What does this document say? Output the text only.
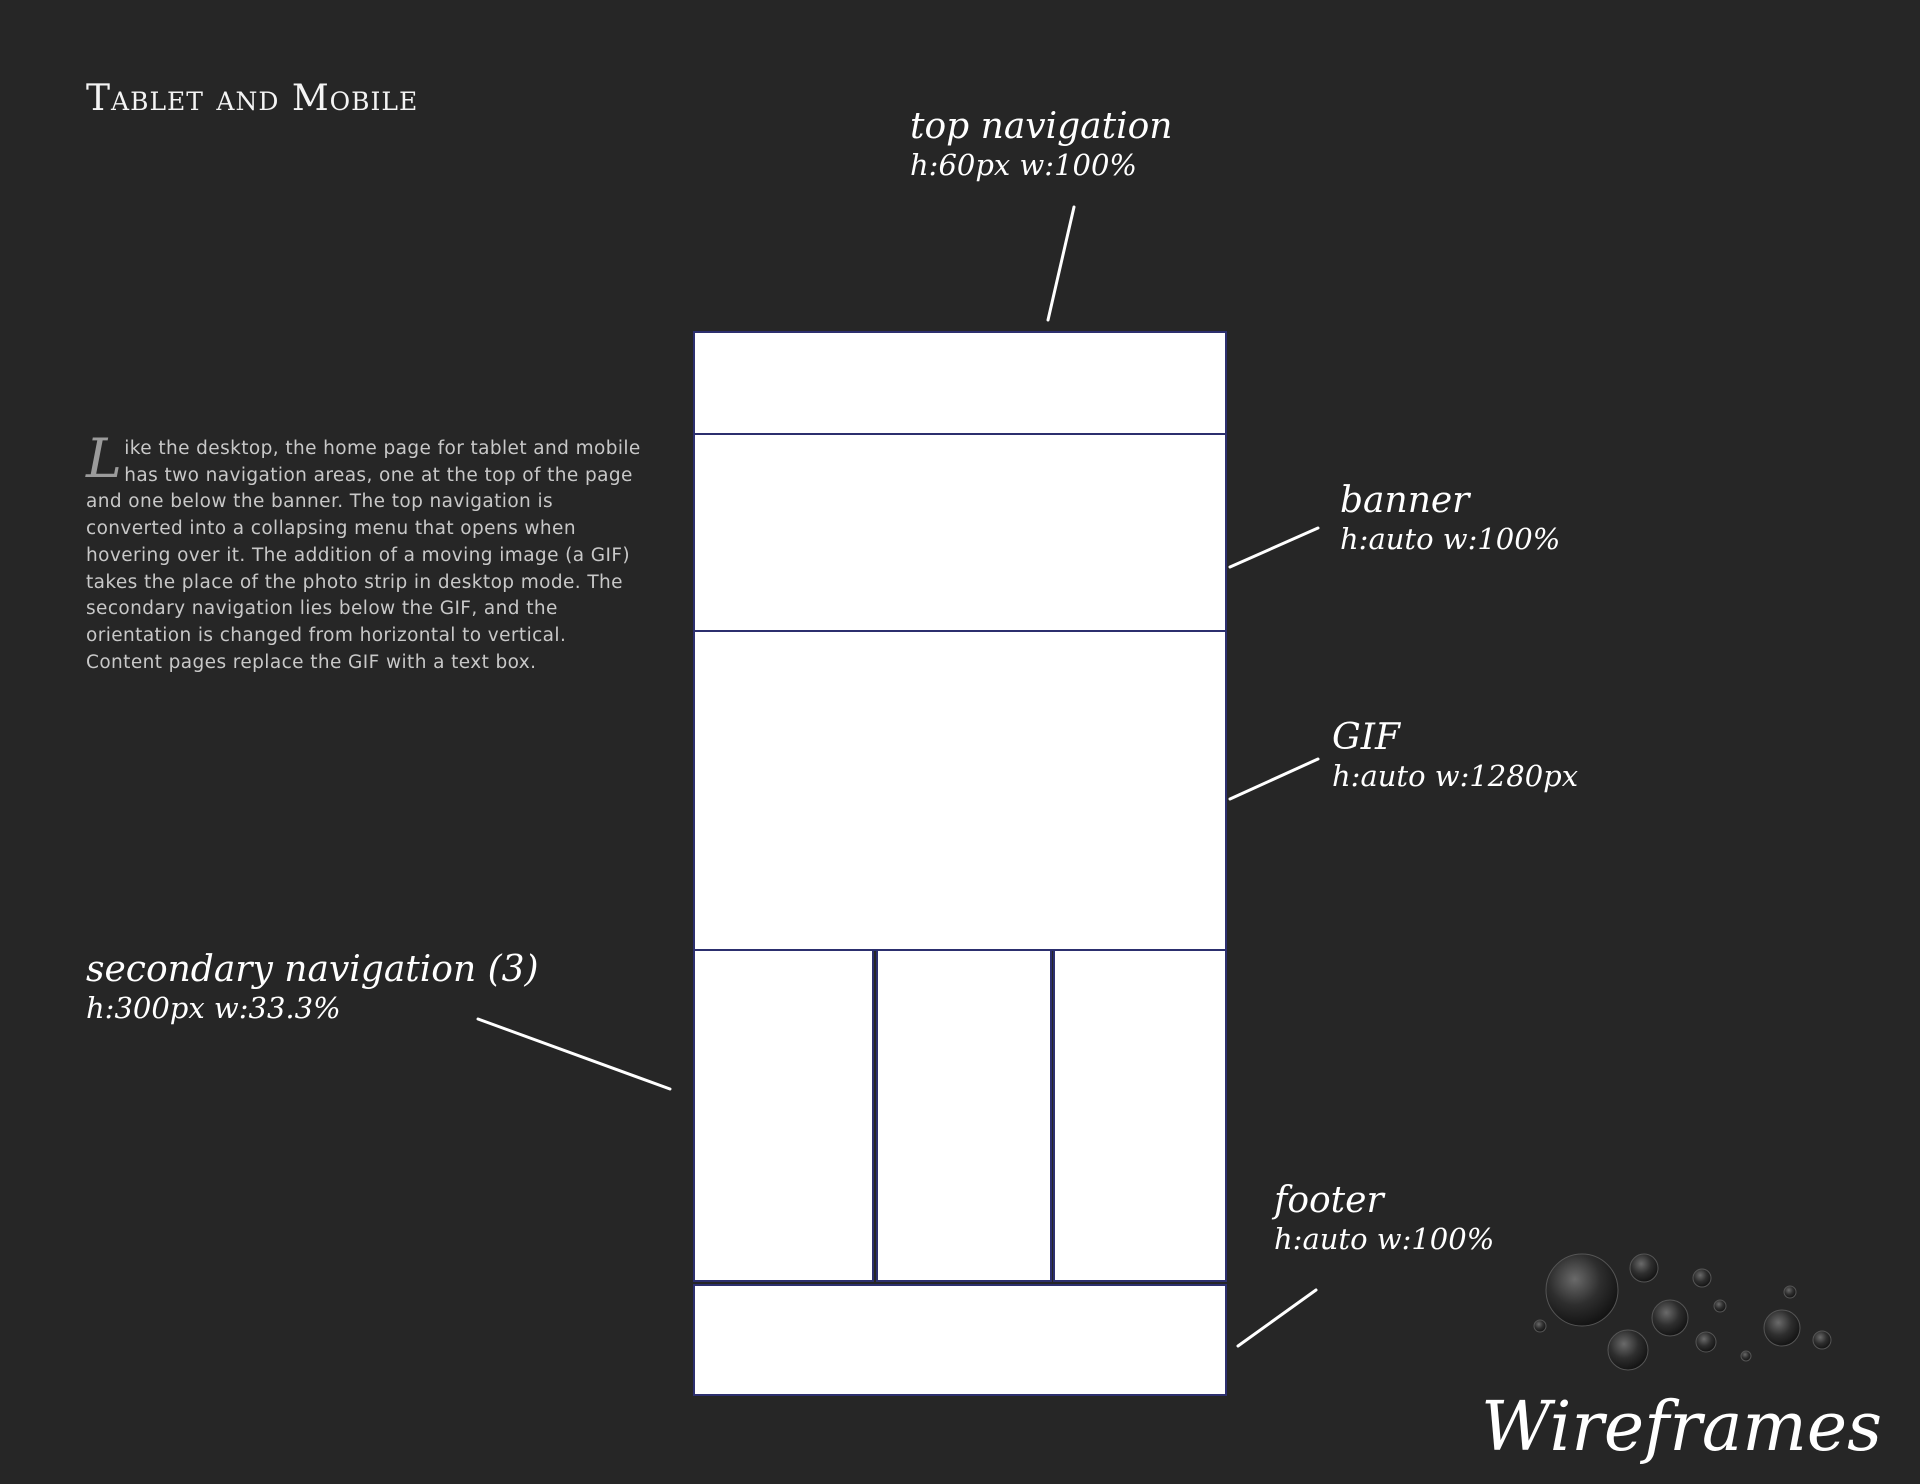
Tablet and Mobile

Like the desktop, the home page for tablet and mobile has two navigation areas, one at the top of the page and one below the banner. The top navigation is converted into a collapsing menu that opens when hovering over it. The addition of a moving image (a GIF) takes the place of the photo strip in desktop mode. The secondary navigation lies below the GIF, and the orientation is changed from horizontal to vertical. Content pages replace the GIF with a text box.

top navigation
h:60px w:100%
banner
h:auto w:100%
GIF
h:auto w:1280px
secondary navigation (3)
h:300px w:33.3%
footer
h:auto w:100%

Wireframes
